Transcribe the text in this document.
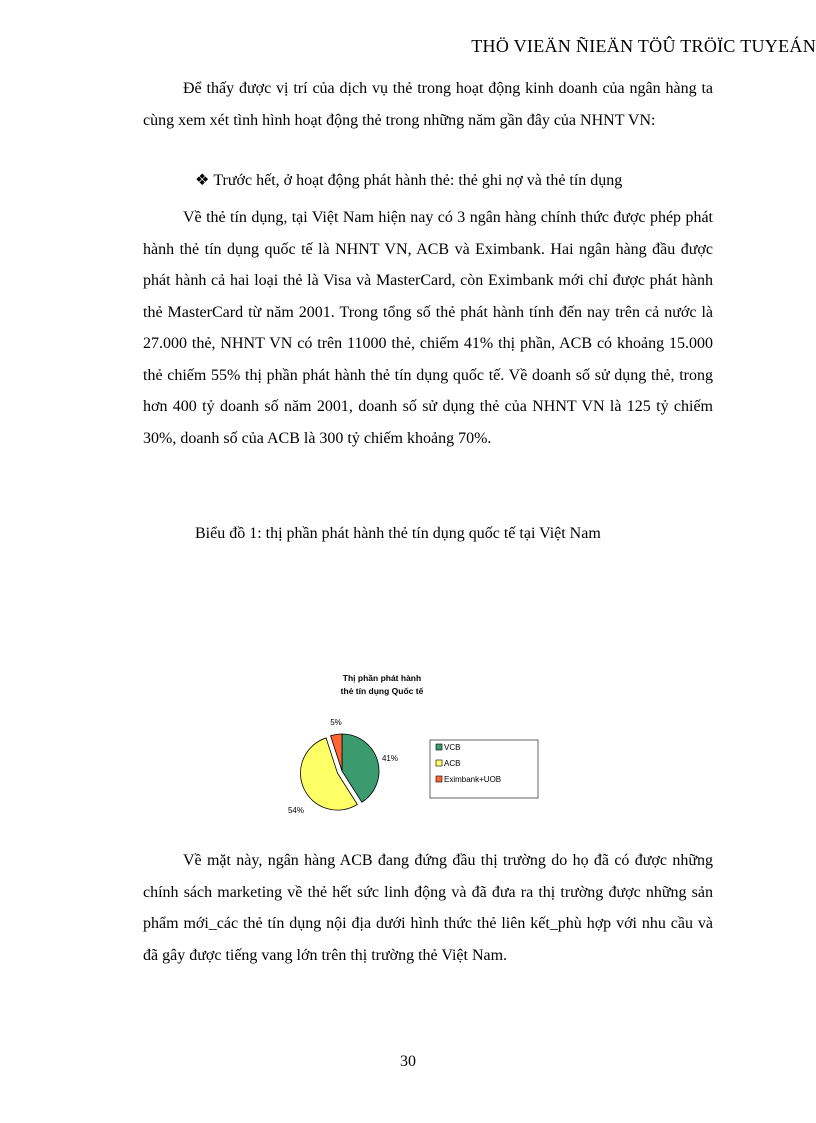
THÖ VIEÄN ÑIEÄN TÖÛ TRÖÏC TUYEÁN

Để thấy được vị trí của dịch vụ thẻ trong hoạt động kinh doanh của ngân hàng ta cùng xem xét tình hình hoạt động thẻ trong những năm gần đây của NHNT VN:

❖ Trước hết, ở hoạt động phát hành thẻ: thẻ ghi nợ và thẻ tín dụng

Về thẻ tín dụng, tại Việt Nam hiện nay có 3 ngân hàng chính thức được phép phát hành thẻ tín dụng quốc tế là NHNT VN, ACB và Eximbank. Hai ngân hàng đầu được phát hành cả hai loại thẻ là Visa và MasterCard, còn Eximbank mới chỉ được phát hành thẻ MasterCard từ năm 2001. Trong tổng số thẻ phát hành tính đến nay trên cả nước là 27.000 thẻ, NHNT VN có trên 11000 thẻ, chiếm 41% thị phần, ACB có khoảng 15.000 thẻ chiếm 55% thị phần phát hành thẻ tín dụng quốc tế. Về doanh số sử dụng thẻ, trong hơn 400 tỷ doanh số năm 2001, doanh số sử dụng thẻ của NHNT VN là 125 tỷ chiếm 30%, doanh số của ACB là 300 tỷ chiếm khoảng 70%.

Biểu đồ 1: thị phần phát hành thẻ tín dụng quốc tế tại Việt Nam
Thị phần phát hành
thẻ tín dụng Quốc tế
41%
54%
5%
VCB
ACB
Eximbank+UOB

Về mặt này, ngân hàng ACB đang đứng đầu thị trường do họ đã có được những chính sách marketing về thẻ hết sức linh động và đã đưa ra thị trường được những sản phẩm mới_các thẻ tín dụng nội địa dưới hình thức thẻ liên kết_phù hợp với nhu cầu và đã gây được tiếng vang lớn trên thị trường thẻ Việt Nam.

30
